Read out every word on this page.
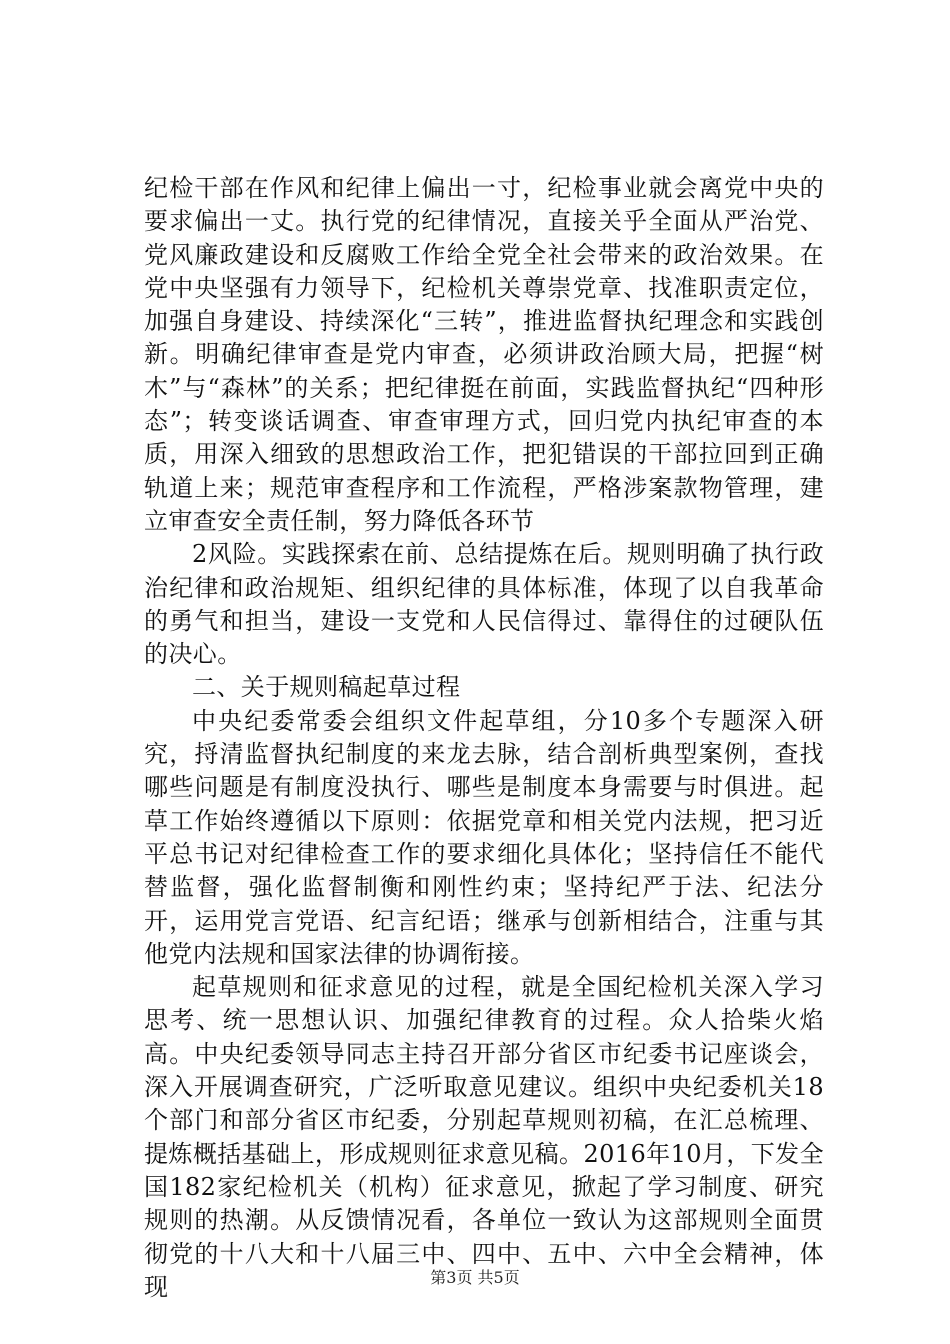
纪检干部在作风和纪律上偏出一寸，纪检事业就会离党中央的要求偏出一丈。执行党的纪律情况，直接关乎全面从严治党、党风廉政建设和反腐败工作给全党全社会带来的政治效果。在党中央坚强有力领导下，纪检机关尊崇党章、找准职责定位，加强自身建设、持续深化“三转”，推进监督执纪理念和实践创新。明确纪律审查是党内审查，必须讲政治顾大局，把握“树木”与“森林”的关系；把纪律挺在前面，实践监督执纪“四种形态”；转变谈话调查、审查审理方式，回归党内执纪审查的本质，用深入细致的思想政治工作，把犯错误的干部拉回到正确轨道上来；规范审查程序和工作流程，严格涉案款物管理，建立审查安全责任制，努力降低各环节

2风险。实践探索在前、总结提炼在后。规则明确了执行政治纪律和政治规矩、组织纪律的具体标准，体现了以自我革命的勇气和担当，建设一支党和人民信得过、靠得住的过硬队伍的决心。

二、关于规则稿起草过程

中央纪委常委会组织文件起草组，分10多个专题深入研究，捋清监督执纪制度的来龙去脉，结合剖析典型案例，查找哪些问题是有制度没执行、哪些是制度本身需要与时俱进。起草工作始终遵循以下原则：依据党章和相关党内法规，把习近平总书记对纪律检查工作的要求细化具体化；坚持信任不能代替监督，强化监督制衡和刚性约束；坚持纪严于法、纪法分开，运用党言党语、纪言纪语；继承与创新相结合，注重与其他党内法规和国家法律的协调衔接。

起草规则和征求意见的过程，就是全国纪检机关深入学习思考、统一思想认识、加强纪律教育的过程。众人拾柴火焰高。中央纪委领导同志主持召开部分省区市纪委书记座谈会，深入开展调查研究，广泛听取意见建议。组织中央纪委机关18个部门和部分省区市纪委，分别起草规则初稿，在汇总梳理、提炼概括基础上，形成规则征求意见稿。2016年10月，下发全国182家纪检机关（机构）征求意见，掀起了学习制度、研究规则的热潮。从反馈情况看，各单位一致认为这部规则全面贯彻党的十八大和十八届三中、四中、五中、六中全会精神，体现	第3页 共5页
